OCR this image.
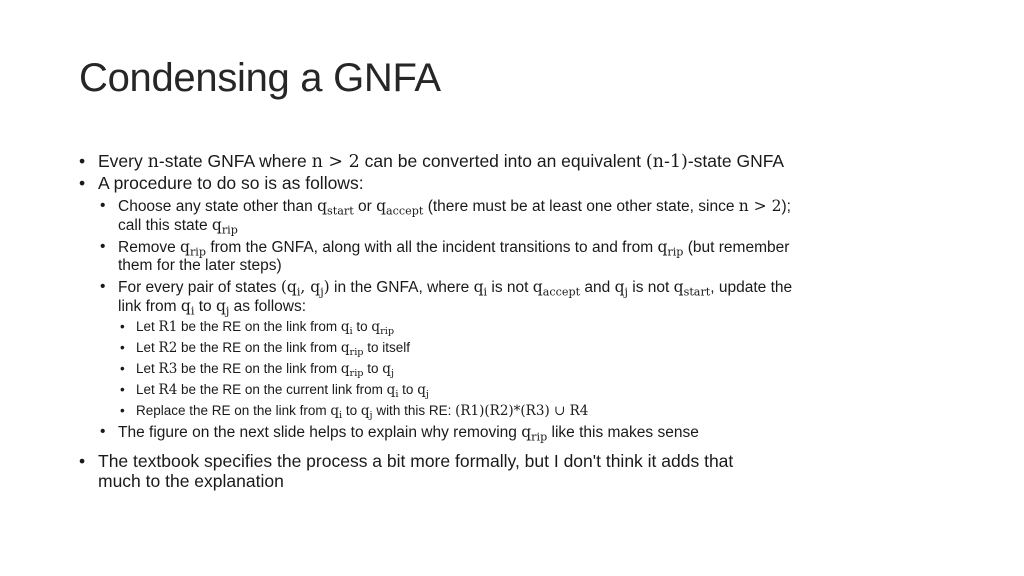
Condensing a GNFA
• Every n-state GNFA where n > 2 can be converted into an equivalent (n-1)-state GNFA
• A procedure to do so is as follows:
• Choose any state other than $q_{start}$ or $q_{accept}$ (there must be at least one other state, since n > 2);
call this state $q_{rip}$
• Remove $q_{rip}$ from the GNFA, along with all the incident transitions to and from $q_{rip}$ (but remember
them for the later steps)
• For every pair of states ($q_i$, $q_j$) in the GNFA, where $q_i$ is not $q_{accept}$ and $q_j$ is not $q_{start}$, update the
link from $q_i$ to $q_j$ as follows:
• Let R1 be the RE on the link from $q_i$ to $q_{rip}$
• Let R2 be the RE on the link from $q_{rip}$ to itself
• Let R3 be the RE on the link from $q_{rip}$ to $q_j$
• Let R4 be the RE on the current link from $q_i$ to $q_j$
• Replace the RE on the link from $q_i$ to $q_j$ with this RE: (R1)(R2)*(R3) ∪ R4
• The figure on the next slide helps to explain why removing $q_{rip}$ like this makes sense
• The textbook specifies the process a bit more formally, but I don't think it adds that
much to the explanation
